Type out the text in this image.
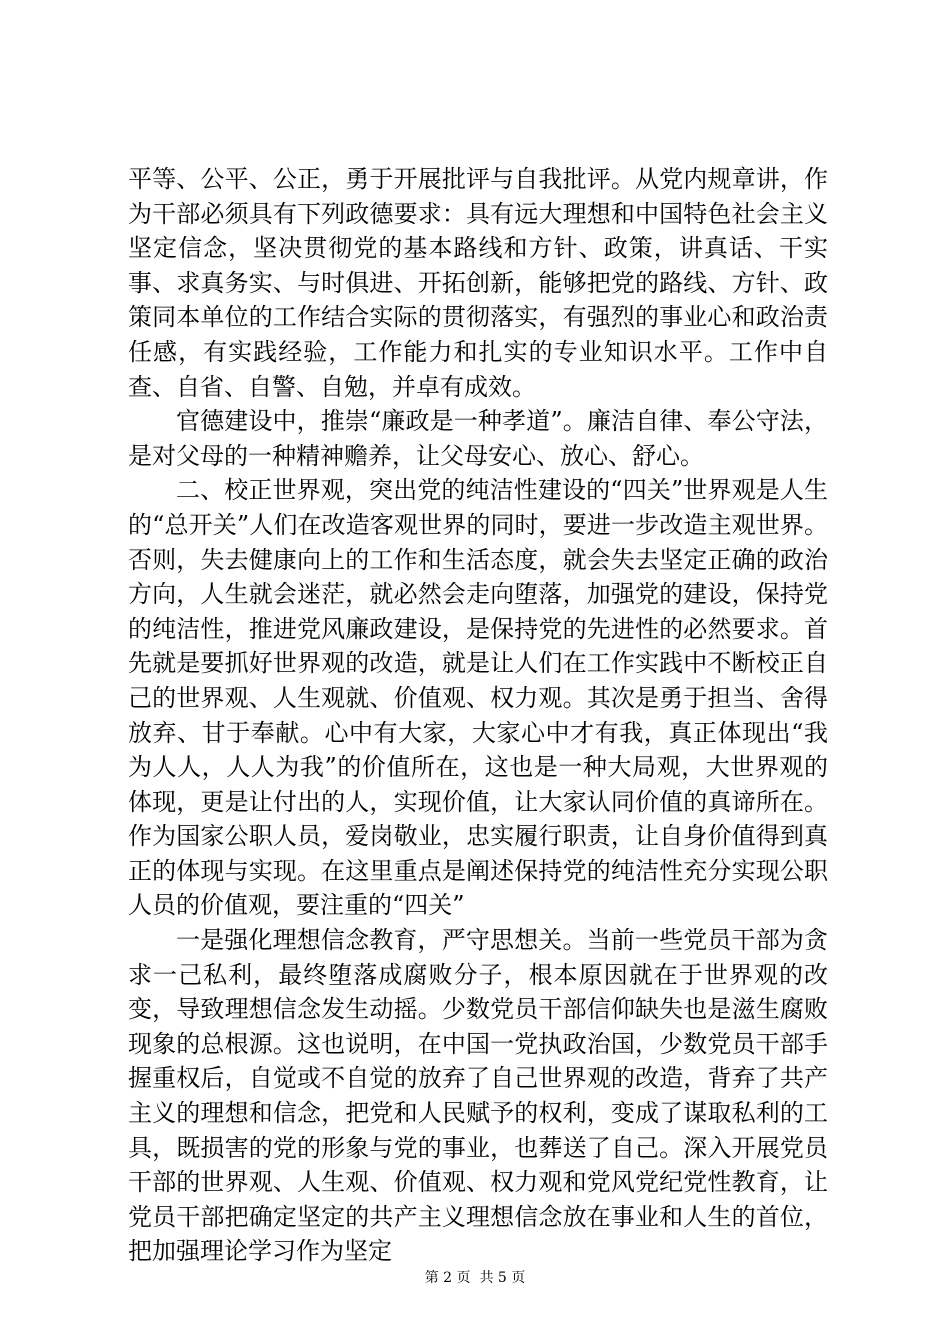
平等、公平、公正，勇于开展批评与自我批评。从党内规章讲，作为干部必须具有下列政德要求：具有远大理想和中国特色社会主义坚定信念，坚决贯彻党的基本路线和方针、政策，讲真话、干实事、求真务实、与时俱进、开拓创新，能够把党的路线、方针、政策同本单位的工作结合实际的贯彻落实，有强烈的事业心和政治责任感，有实践经验，工作能力和扎实的专业知识水平。工作中自查、自省、自警、自勉，并卓有成效。

官德建设中，推崇“廉政是一种孝道”。廉洁自律、奉公守法，是对父母的一种精神赡养，让父母安心、放心、舒心。

二、校正世界观，突出党的纯洁性建设的“四关”世界观是人生的“总开关”人们在改造客观世界的同时，要进一步改造主观世界。否则，失去健康向上的工作和生活态度，就会失去坚定正确的政治方向，人生就会迷茫，就必然会走向堕落，加强党的建设，保持党的纯洁性，推进党风廉政建设，是保持党的先进性的必然要求。首先就是要抓好世界观的改造，就是让人们在工作实践中不断校正自己的世界观、人生观就、价值观、权力观。其次是勇于担当、舍得放弃、甘于奉献。心中有大家，大家心中才有我，真正体现出“我为人人，人人为我”的价值所在，这也是一种大局观，大世界观的体现，更是让付出的人，实现价值，让大家认同价值的真谛所在。作为国家公职人员，爱岗敬业，忠实履行职责，让自身价值得到真正的体现与实现。在这里重点是阐述保持党的纯洁性充分实现公职人员的价值观，要注重的“四关”

一是强化理想信念教育，严守思想关。当前一些党员干部为贪求一己私利，最终堕落成腐败分子，根本原因就在于世界观的改变，导致理想信念发生动摇。少数党员干部信仰缺失也是滋生腐败现象的总根源。这也说明，在中国一党执政治国，少数党员干部手握重权后，自觉或不自觉的放弃了自己世界观的改造，背弃了共产主义的理想和信念，把党和人民赋予的权利，变成了谋取私利的工具，既损害的党的形象与党的事业，也葬送了自己。深入开展党员干部的世界观、人生观、价值观、权力观和党风党纪党性教育，让党员干部把确定坚定的共产主义理想信念放在事业和人生的首位，把加强理论学习作为坚定

第 2 页  共 5 页
